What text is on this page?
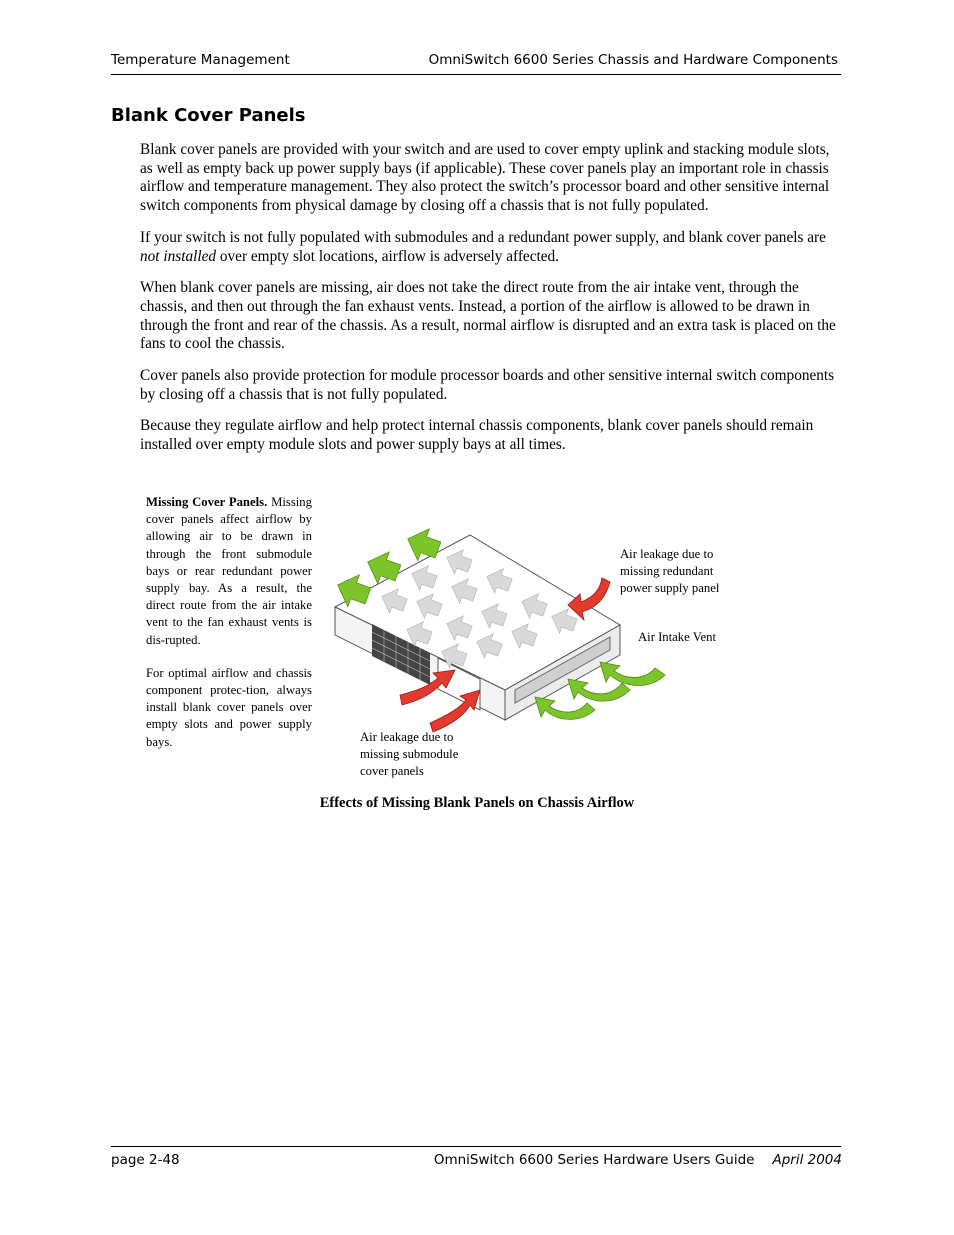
Temperature Management	OmniSwitch 6600 Series Chassis and Hardware Components
Blank Cover Panels

Blank cover panels are provided with your switch and are used to cover empty uplink and stacking module slots, as well as empty back up power supply bays (if applicable). These cover panels play an important role in chassis airflow and temperature management. They also protect the switch’s processor board and other sensitive internal switch components from physical damage by closing off a chassis that is not fully populated.

If your switch is not fully populated with submodules and a redundant power supply, and blank cover panels are not installed over empty slot locations, airflow is adversely affected.

When blank cover panels are missing, air does not take the direct route from the air intake vent, through the chassis, and then out through the fan exhaust vents. Instead, a portion of the airflow is allowed to be drawn in through the front and rear of the chassis. As a result, normal airflow is disrupted and an extra task is placed on the fans to cool the chassis.

Cover panels also provide protection for module processor boards and other sensitive internal switch components by closing off a chassis that is not fully populated.

Because they regulate airflow and help protect internal chassis components, blank cover panels should remain installed over empty module slots and power supply bays at all times.

Missing Cover Panels. Missing cover panels affect airflow by allowing air to be drawn in through the front submodule bays or rear redundant power supply bay. As a result, the direct route from the air intake vent to the fan exhaust vents is dis-rupted.

For optimal airflow and chassis component protec-tion, always install blank cover panels over empty slots and power supply bays.

Air leakage due to missing redundant power supply panel
Air Intake Vent
Air leakage due to missing submodule cover panels
Effects of Missing Blank Panels on Chassis Airflow
page 2-48	OmniSwitch 6600 Series Hardware Users Guide April 2004
